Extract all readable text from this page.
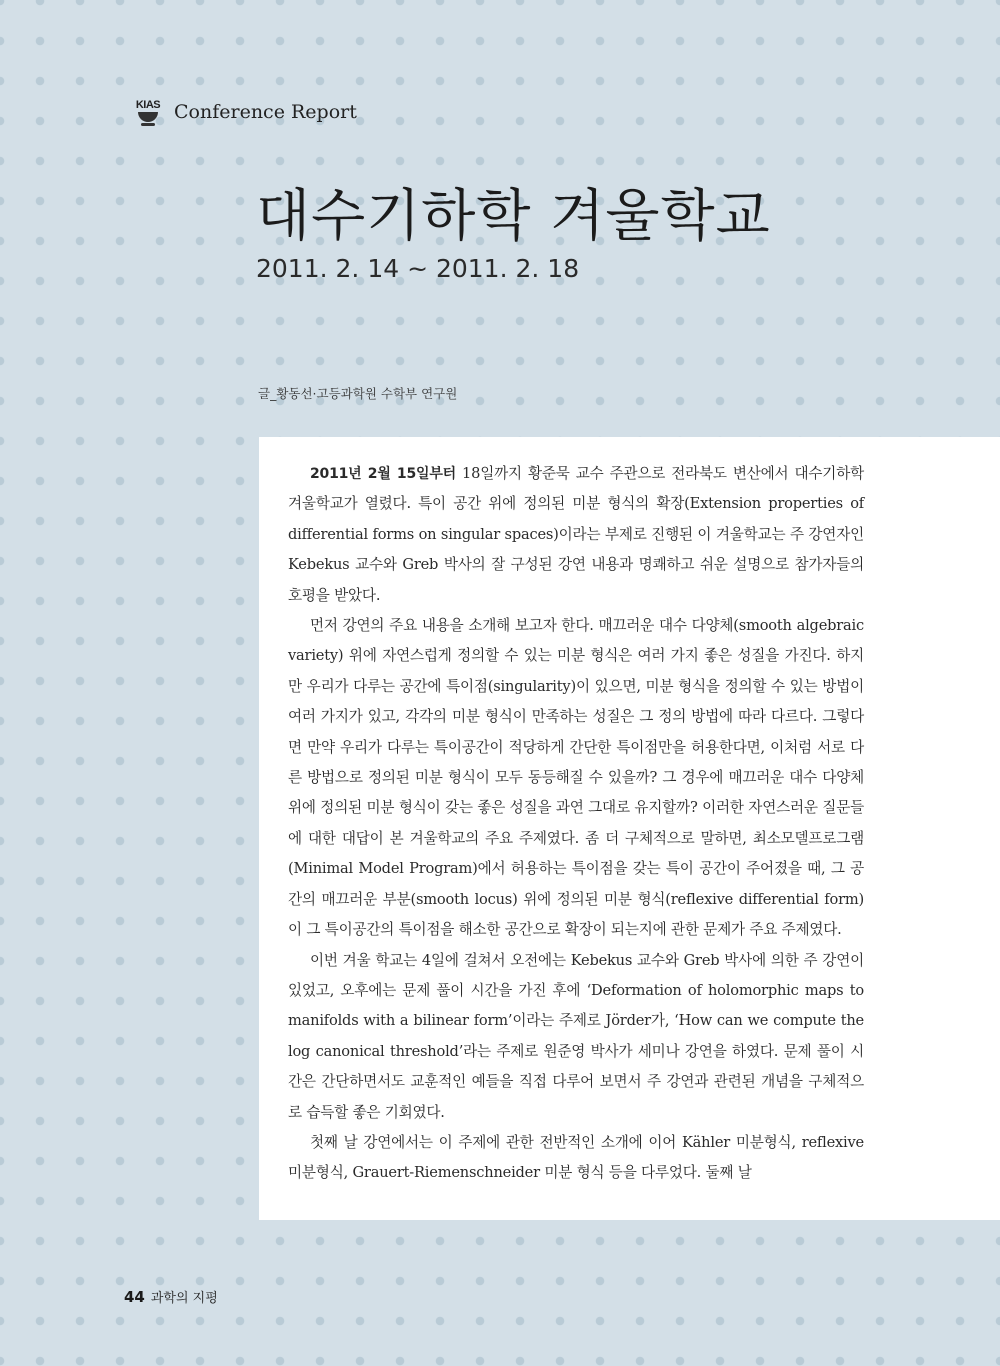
KIAS Conference Report
대수기하학 겨울학교
2011. 2. 14 ~ 2011. 2. 18
글_황동선·고등과학원 수학부 연구원

2011년 2월 15일부터 18일까지 황준묵 교수 주관으로 전라북도 변산에서 대수기하학 겨울학교가 열렸다. 특이 공간 위에 정의된 미분 형식의 확장(Extension properties of differential forms on singular spaces)이라는 부제로 진행된 이 겨울학교는 주 강연자인 Kebekus 교수와 Greb 박사의 잘 구성된 강연 내용과 명쾌하고 쉬운 설명으로 참가자들의 호평을 받았다.

먼저 강연의 주요 내용을 소개해 보고자 한다. 매끄러운 대수 다양체(smooth algebraic variety) 위에 자연스럽게 정의할 수 있는 미분 형식은 여러 가지 좋은 성질을 가진다. 하지만 우리가 다루는 공간에 특이점(singularity)이 있으면, 미분 형식을 정의할 수 있는 방법이 여러 가지가 있고, 각각의 미분 형식이 만족하는 성질은 그 정의 방법에 따라 다르다. 그렇다면 만약 우리가 다루는 특이공간이 적당하게 간단한 특이점만을 허용한다면, 이처럼 서로 다른 방법으로 정의된 미분 형식이 모두 동등해질 수 있을까? 그 경우에 매끄러운 대수 다양체 위에 정의된 미분 형식이 갖는 좋은 성질을 과연 그대로 유지할까? 이러한 자연스러운 질문들에 대한 대답이 본 겨울학교의 주요 주제였다. 좀 더 구체적으로 말하면, 최소모델프로그램(Minimal Model Program)에서 허용하는 특이점을 갖는 특이 공간이 주어졌을 때, 그 공간의 매끄러운 부분(smooth locus) 위에 정의된 미분 형식(reflexive differential form)이 그 특이공간의 특이점을 해소한 공간으로 확장이 되는지에 관한 문제가 주요 주제였다.

이번 겨울 학교는 4일에 걸쳐서 오전에는 Kebekus 교수와 Greb 박사에 의한 주 강연이 있었고, 오후에는 문제 풀이 시간을 가진 후에 ‘Deformation of holomorphic maps to manifolds with a bilinear form’이라는 주제로 Jörder가, ‘How can we compute the log canonical threshold’라는 주제로 원준영 박사가 세미나 강연을 하였다. 문제 풀이 시간은 간단하면서도 교훈적인 예들을 직접 다루어 보면서 주 강연과 관련된 개념을 구체적으로 습득할 좋은 기회였다.

첫째 날 강연에서는 이 주제에 관한 전반적인 소개에 이어 Kähler 미분형식, reflexive 미분형식, Grauert-Riemenschneider 미분 형식 등을 다루었다. 둘째 날

44 과학의 지평
